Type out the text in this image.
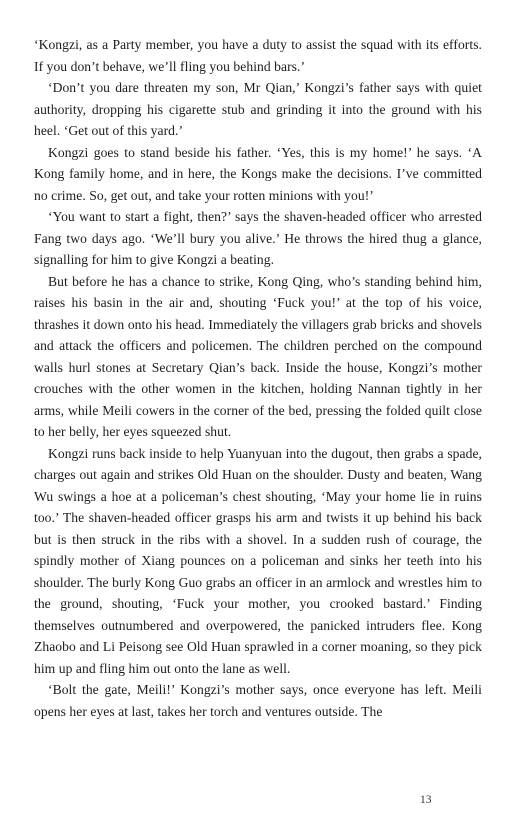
‘Kongzi, as a Party member, you have a duty to assist the squad with its efforts. If you don’t behave, we’ll fling you behind bars.’

‘Don’t you dare threaten my son, Mr Qian,’ Kongzi’s father says with quiet authority, dropping his cigarette stub and grinding it into the ground with his heel. ‘Get out of this yard.’

Kongzi goes to stand beside his father. ‘Yes, this is my home!’ he says. ‘A Kong family home, and in here, the Kongs make the decisions. I’ve committed no crime. So, get out, and take your rotten minions with you!’

‘You want to start a fight, then?’ says the shaven-headed officer who arrested Fang two days ago. ‘We’ll bury you alive.’ He throws the hired thug a glance, signalling for him to give Kongzi a beating.

But before he has a chance to strike, Kong Qing, who’s standing behind him, raises his basin in the air and, shouting ‘Fuck you!’ at the top of his voice, thrashes it down onto his head. Immediately the villagers grab bricks and shovels and attack the officers and policemen. The children perched on the compound walls hurl stones at Secretary Qian’s back. Inside the house, Kongzi’s mother crouches with the other women in the kitchen, holding Nannan tightly in her arms, while Meili cowers in the corner of the bed, pressing the folded quilt close to her belly, her eyes squeezed shut.

Kongzi runs back inside to help Yuanyuan into the dugout, then grabs a spade, charges out again and strikes Old Huan on the shoulder. Dusty and beaten, Wang Wu swings a hoe at a policeman’s chest shouting, ‘May your home lie in ruins too.’ The shaven-headed officer grasps his arm and twists it up behind his back but is then struck in the ribs with a shovel. In a sudden rush of courage, the spindly mother of Xiang pounces on a policeman and sinks her teeth into his shoulder. The burly Kong Guo grabs an officer in an armlock and wrestles him to the ground, shouting, ‘Fuck your mother, you crooked bastard.’ Finding themselves outnumbered and overpowered, the panicked intruders flee. Kong Zhaobo and Li Peisong see Old Huan sprawled in a corner moaning, so they pick him up and fling him out onto the lane as well.

‘Bolt the gate, Meili!’ Kongzi’s mother says, once everyone has left. Meili opens her eyes at last, takes her torch and ventures outside. The

13
